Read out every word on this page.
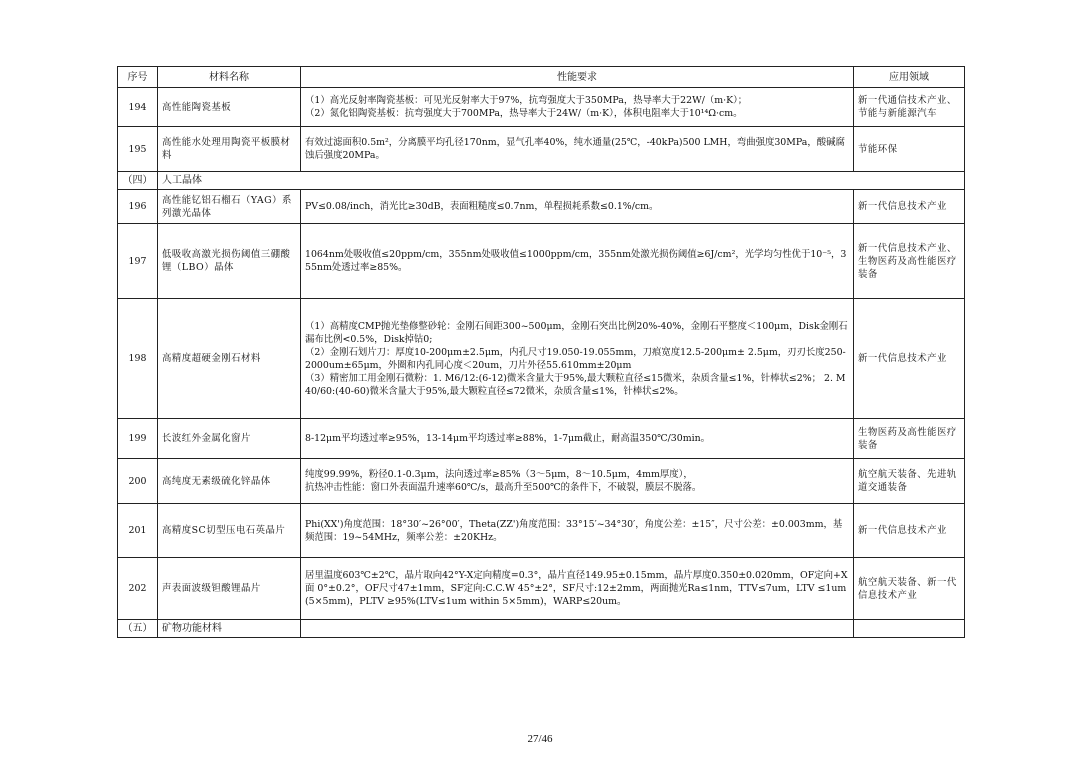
序号	材料名称	性能要求	应用领域
194	高性能陶瓷基板	（1）高光反射率陶瓷基板：可见光反射率大于97%，抗弯强度大于350MPa，热导率大于22W/（m·K）；
（2）氮化铝陶瓷基板：抗弯强度大于700MPa，热导率大于24W/（m·K），体积电阻率大于10¹⁴Ω·cm。	新一代通信技术产业、节能与新能源汽车
195	高性能水处理用陶瓷平板膜材料	有效过滤面积0.5m²，分离膜平均孔径170nm，显气孔率40%，纯水通量(25℃，-40kPa)500 LMH，弯曲强度30MPa，酸碱腐蚀后强度20MPa。	节能环保
（四）	人工晶体		
196	高性能钇铝石榴石（YAG）系列激光晶体	PV≤0.08/inch，消光比≥30dB，表面粗糙度≤0.7nm，单程损耗系数≤0.1%/cm。	新一代信息技术产业
197	低吸收高激光损伤阈值三硼酸锂（LBO）晶体	1064nm处吸收值≤20ppm/cm，355nm处吸收值≤1000ppm/cm，355nm处激光损伤阈值≥6J/cm²，光学均匀性优于10⁻⁵，355nm处透过率≥85%。	新一代信息技术产业、生物医药及高性能医疗装备
198	高精度超硬金刚石材料	（1）高精度CMP抛光垫修整砂轮：金刚石间距300~500μm，金刚石突出比例20%-40%，金刚石平整度＜100μm，Disk金刚石漏布比例<0.5%，Disk掉钻0;
（2）金刚石划片刀：厚度10-200μm±2.5μm，内孔尺寸19.050-19.055mm，刀痕宽度12.5-200μm± 2.5μm，刃刃长度250-2000um±65μm，外圈和内孔同心度＜20um，刀片外径55.610mm±20μm
（3）精密加工用金刚石微粉：1. M6/12:(6-12)微米含量大于95%,最大颗粒直径≤15微米，杂质含量≤1%，针棒状≤2%； 2. M40/60:(40-60)微米含量大于95%,最大颗粒直径≤72微米，杂质含量≤1%，针棒状≤2%。	新一代信息技术产业
199	长波红外金属化窗片	8-12μm平均透过率≥95%，13-14μm平均透过率≥88%，1-7μm截止，耐高温350℃/30min。	生物医药及高性能医疗装备
200	高纯度无素级硫化锌晶体	纯度99.99%，粉径0.1-0.3μm，法向透过率≥85%（3～5μm，8～10.5μm，4mm厚度），
抗热冲击性能：窗口外表面温升速率60℃/s，最高升至500℃的条件下，不破裂，膜层不脱落。	航空航天装备、先进轨道交通装备
201	高精度SC切型压电石英晶片	Phi(XX')角度范围：18°30′~26°00′，Theta(ZZ')角度范围：33°15′~34°30′，角度公差：±15″，尺寸公差：±0.003mm，基频范围：19~54MHz，频率公差：±20KHz。	新一代信息技术产业
202	声表面波级钽酸锂晶片	居里温度603℃±2℃，晶片取向42°Y-X定向精度=0.3°，晶片直径149.95±0.15mm，晶片厚度0.350±0.020mm，OF定向+X面 0°±0.2°，OF尺寸47±1mm，SF定向:C.C.W 45°±2°，SF尺寸:12±2mm，两面抛光Ra≤1nm，TTV≤7um，LTV ≤1um(5×5mm)，PLTV ≥95%(LTV≤1um within 5×5mm)，WARP≤20um。	航空航天装备、新一代信息技术产业
（五）	矿物功能材料		
27/46
